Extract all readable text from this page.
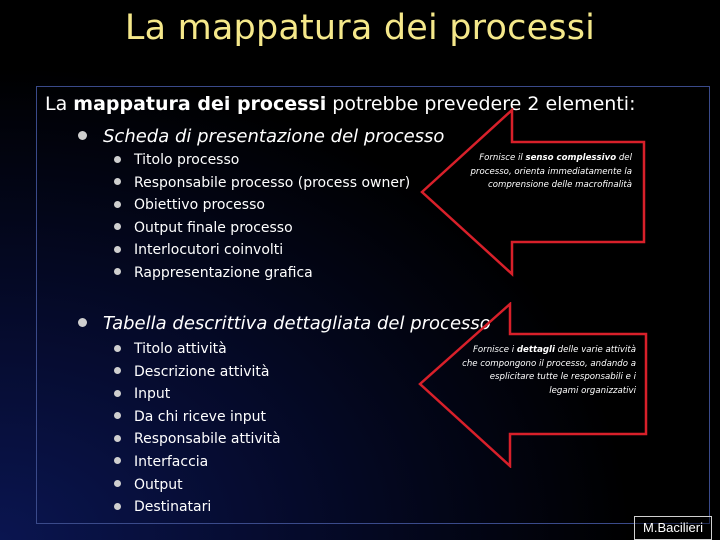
La mappatura dei processi
La mappatura dei processi potrebbe prevedere 2 elementi:
Scheda di presentazione del processo
Titolo processo
Responsabile processo (process owner)
Obiettivo processo
Output finale processo
Interlocutori coinvolti
Rappresentazione grafica
Tabella descrittiva dettagliata del processo
Titolo attività
Descrizione attività
Input
Da chi riceve input
Responsabile attività
Interfaccia
Output
Destinatari
Fornisce il senso complessivo del processo, orienta immediatamente la comprensione delle macrofinalità
Fornisce i dettagli delle varie attività che compongono il processo, andando a esplicitare tutte le responsabili e i legami organizzativi
M.Bacilieri
